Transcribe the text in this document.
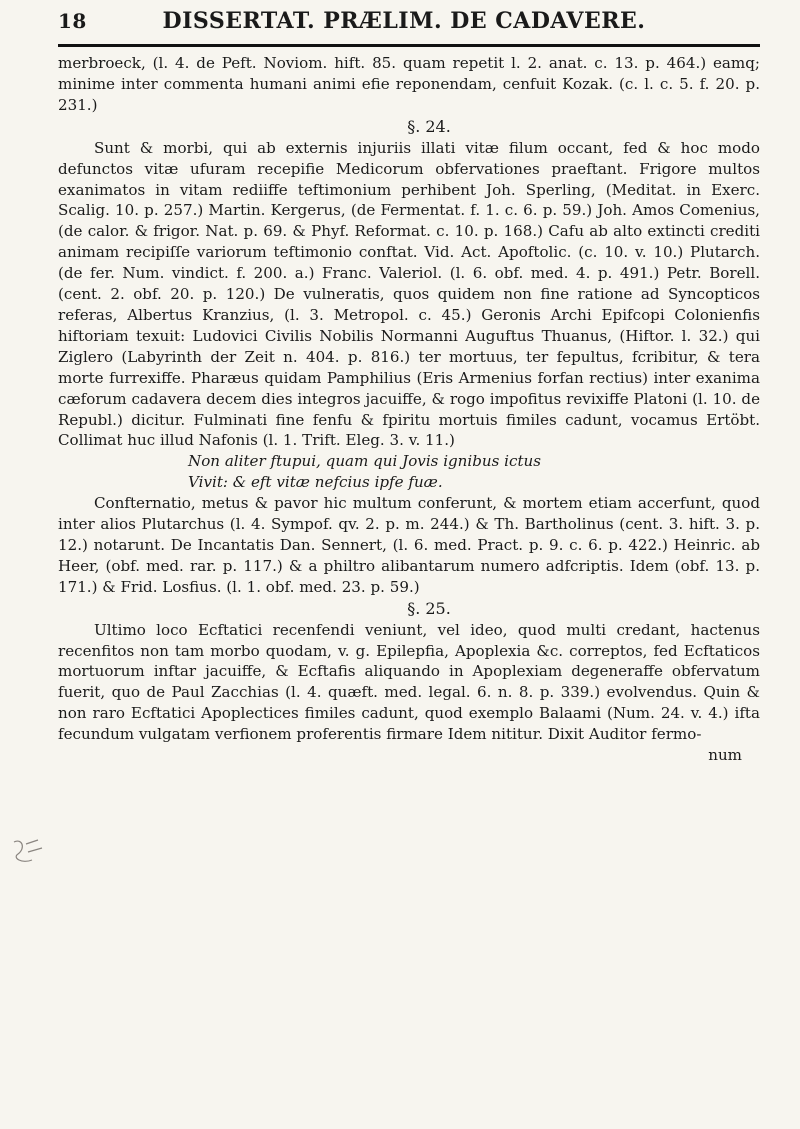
18	DISSERTAT. PRÆLIM. DE CADAVERE.

merbroeck, (l. 4. de Peft. Noviom. hift. 85. quam repetit l. 2. anat. c. 13. p. 464.) eamq; minime inter commenta humani animi efie reponendam, cenfuit Kozak. (c. l. c. 5. f. 20. p. 231.)

§. 24.

Sunt & morbi, qui ab externis injuriis illati vitæ filum occant, fed & hoc modo defunctos vitæ ufuram recepifie Medicorum obfervationes praeftant. Frigore multos exanimatos in vitam rediiffe teftimonium perhibent Joh. Sperling, (Meditat. in Exerc. Scalig. 10. p. 257.) Martin. Kergerus, (de Fermentat. f. 1. c. 6. p. 59.) Joh. Amos Comenius, (de calor. & frigor. Nat. p. 69. & Phyf. Reformat. c. 10. p. 168.) Cafu ab alto extincti crediti animam recipiſſe variorum teftimonio conftat. Vid. Act. Apoftolic. (c. 10. v. 10.) Plutarch. (de fer. Num. vindict. f. 200. a.) Franc. Valeriol. (l. 6. obf. med. 4. p. 491.) Petr. Borell. (cent. 2. obf. 20. p. 120.) De vulneratis, quos quidem non fine ratione ad Syncopticos referas, Albertus Kranzius, (l. 3. Metropol. c. 45.) Geronis Archi Epifcopi Colonienfis hiftoriam texuit: Ludovici Civilis Nobilis Normanni Auguftus Thuanus, (Hiftor. l. 32.) qui Ziglero (Labyrinth der Zeit n. 404. p. 816.) ter mortuus, ter fepultus, fcribitur, & tera morte furrexiffe. Pharæus quidam Pamphilius (Eris Armenius forfan rectius) inter exanima cæforum cadavera decem dies integros jacuiffe, & rogo impofitus revixiffe Platoni (l. 10. de Republ.) dicitur. Fulminati fine fenfu & fpiritu mortuis fimiles cadunt, vocamus Ertöbt. Collimat huc illud Nafonis (l. 1. Trift. Eleg. 3. v. 11.)

Non aliter ftupui, quam qui Jovis ignibus ictus

Vivit: & eft vitæ nefcius ipfe fuæ.

Confternatio, metus & pavor hic multum conferunt, & mortem etiam accerfunt, quod inter alios Plutarchus (l. 4. Sympof. qv. 2. p. m. 244.) & Th. Bartholinus (cent. 3. hift. 3. p. 12.) notarunt. De Incantatis Dan. Sennert, (l. 6. med. Pract. p. 9. c. 6. p. 422.) Heinric. ab Heer, (obf. med. rar. p. 117.) & a philtro alibantarum numero adfcriptis. Idem (obf. 13. p. 171.) & Frid. Losfius. (l. 1. obf. med. 23. p. 59.)

§. 25.

Ultimo loco Ecftatici recenfendi veniunt, vel ideo, quod multi credant, hactenus recenfitos non tam morbo quodam, v. g. Epilepfia, Apoplexia &c. correptos, fed Ecftaticos mortuorum inftar jacuiffe, & Ecftafis aliquando in Apoplexiam degeneraffe obfervatum fuerit, quo de Paul Zacchias (l. 4. quæft. med. legal. 6. n. 8. p. 339.) evolvendus. Quin & non raro Ecftatici Apoplectices fimiles cadunt, quod exemplo Balaami (Num. 24. v. 4.) ifta fecundum vulgatam verfionem proferentis firmare Idem nititur. Dixit Auditor fermo-

num
